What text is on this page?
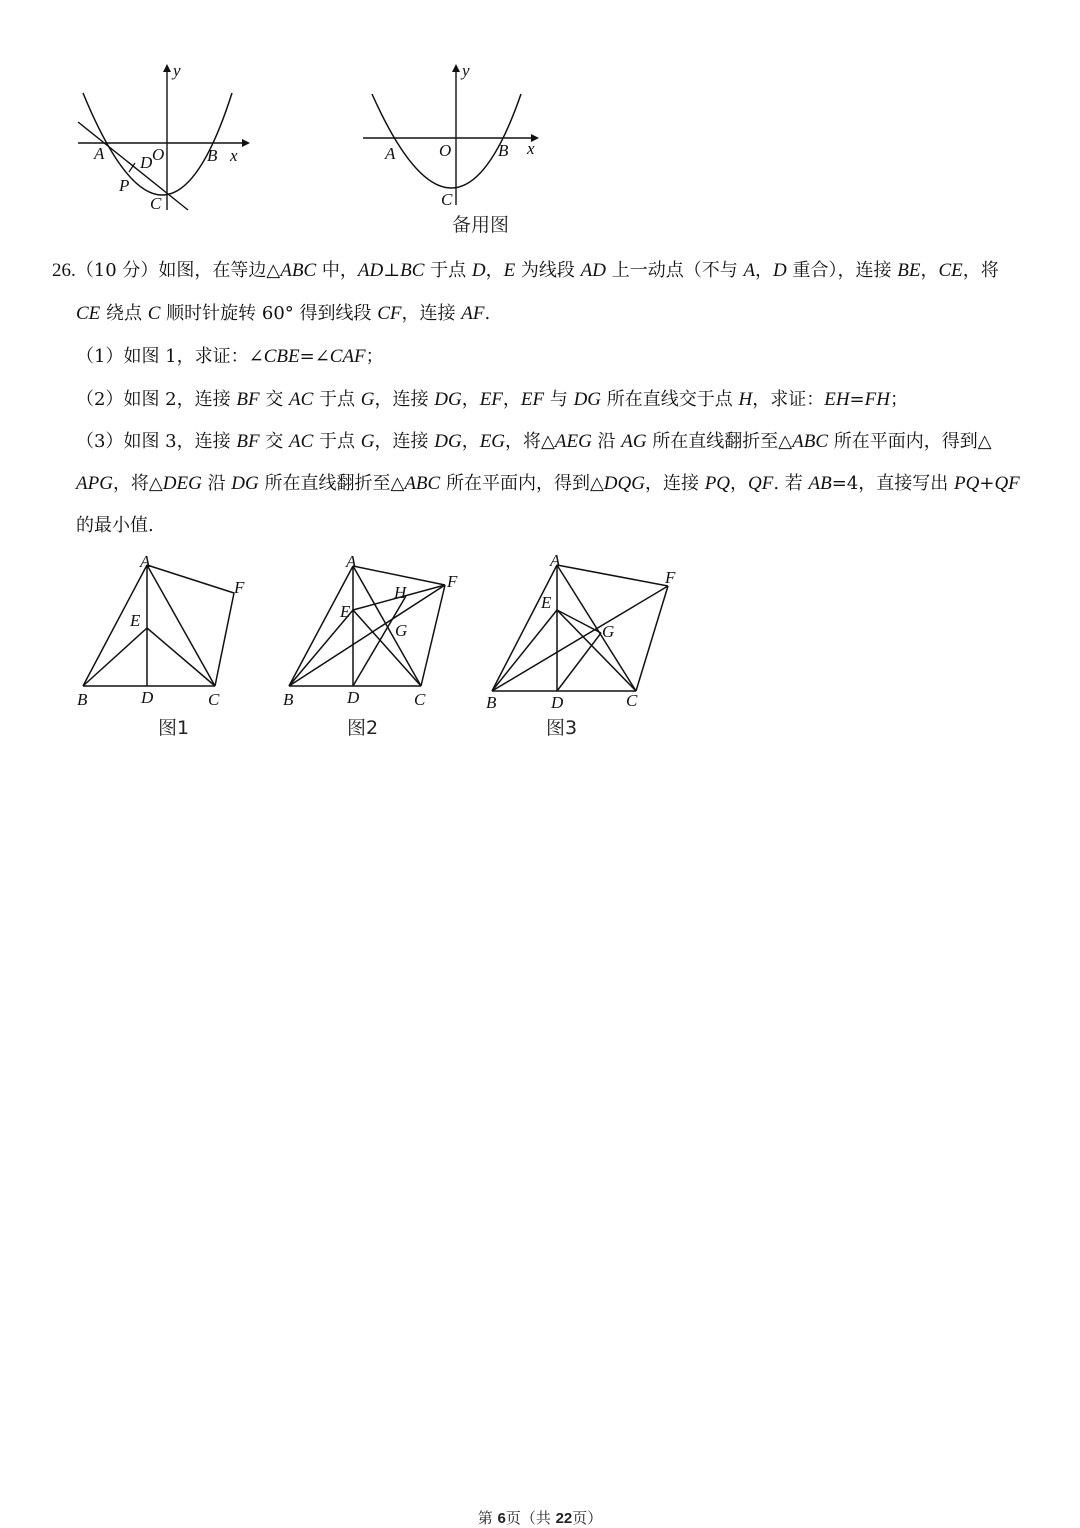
y
x
A	O	B
D
P
C
y
x
A	O	B
C
备用图
26.（10 分）如图，在等边△ABC 中，AD⊥BC 于点 D，E 为线段 AD 上一动点（不与 A，D 重合），连接 BE，CE，将
CE 绕点 C 顺时针旋转 60° 得到线段 CF，连接 AF.
（1）如图 1，求证：∠CBE=∠CAF；
（2）如图 2，连接 BF 交 AC 于点 G，连接 DG，EF，EF 与 DG 所在直线交于点 H，求证：EH=FH；
（3）如图 3，连接 BF 交 AC 于点 G，连接 DG，EG，将△AEG 沿 AG 所在直线翻折至△ABC 所在平面内，得到△
APG，将△DEG 沿 DG 所在直线翻折至△ABC 所在平面内，得到△DQG，连接 PQ，QF. 若 AB=4，直接写出 PQ+QF
的最小值.
A
F
E
B	D	C
图1
A
H
F
E
G
B	D	C
图2
A
F
E
G
B	D	C
图3
第 6页（共 22页）
